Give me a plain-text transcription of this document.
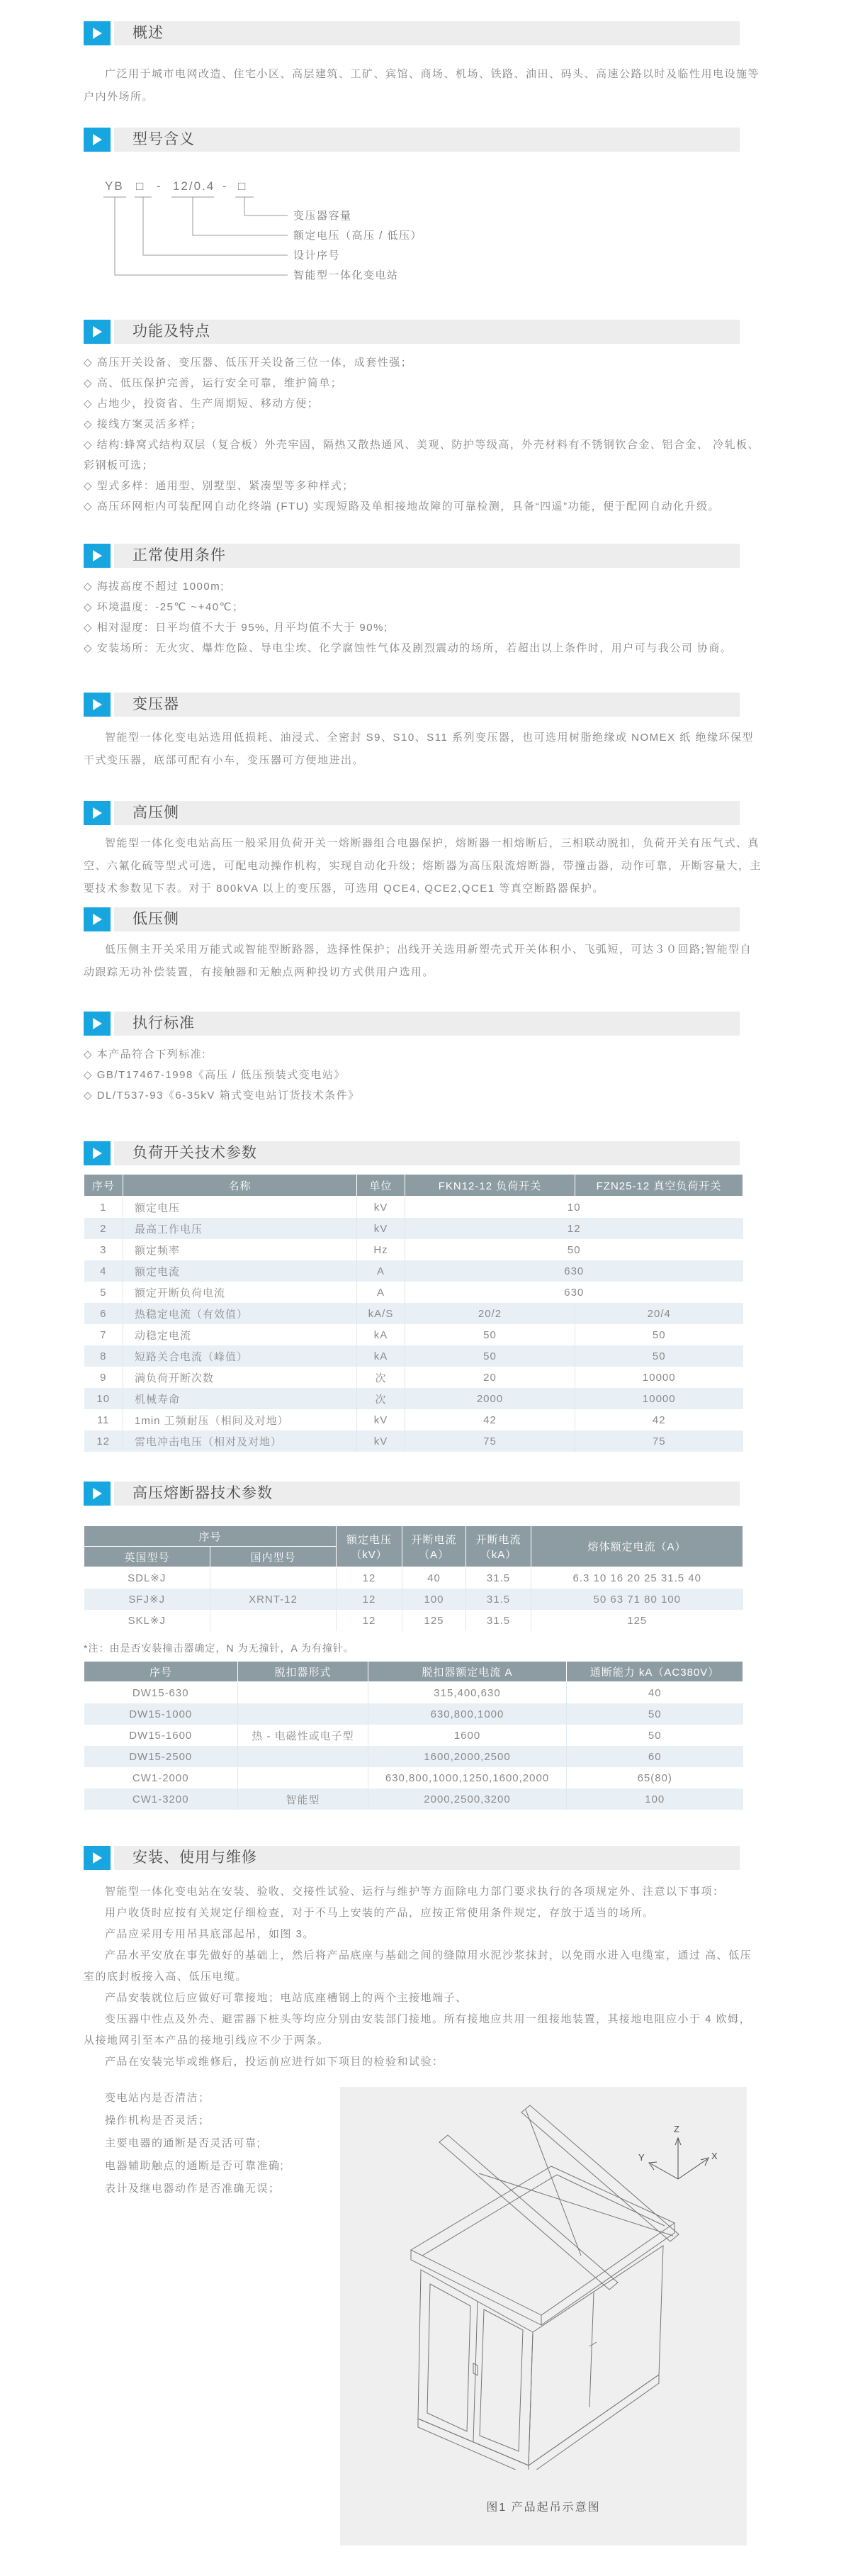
概述

广泛用于城市电网改造、住宅小区、高层建筑、工矿、宾馆、商场、机场、铁路、油田、码头、高速公路以时及临性用电设施等户内外场所。

型号含义
YB □ - 12/0.4 - □
变压器容量
额定电压（高压 / 低压）
设计序号
智能型一体化变电站
功能及特点
◇ 高压开关设备、变压器、低压开关设备三位一体，成套性强；
◇ 高、低压保护完善，运行安全可靠，维护简单；
◇ 占地少，投资省、生产周期短、移动方便；
◇ 接线方案灵活多样；
◇ 结构:蜂窝式结构双层（复合板）外壳牢固，隔热又散热通风、美观、防护等级高，外壳材料有不锈钢钦合金、铝合金、 冷轧板、彩钢板可选；
◇ 型式多样：通用型、别墅型、紧凑型等多种样式；
◇ 高压环网柜内可装配网自动化终端 (FTU) 实现短路及单相接地故障的可靠检测，具备“四遥”功能，便于配网自动化升级。
正常使用条件
◇ 海拔高度不超过 1000m;
◇ 环境温度：-25℃ ~+40℃；
◇ 相对湿度：日平均值不大于 95%, 月平均值不大于 90%;
◇ 安装场所：无火灾、爆炸危险、导电尘埃、化学腐蚀性气体及剧烈震动的场所，若超出以上条件时，用户可与我公司 协商。
变压器

智能型一体化变电站选用低损耗、油浸式、全密封 S9、S10、S11 系列变压器，也可选用树脂绝缘或 NOMEX 纸 绝缘环保型干式变压器，底部可配有小车，变压器可方便地进出。

高压侧

智能型一体化变电站高压一般采用负荷开关一熔断器组合电器保护，熔断器一相熔断后，三相联动脱扣，负荷开关有压气式、真空、六氟化硫等型式可选，可配电动操作机构，实现自动化升级；熔断器为高压限流熔断器，带撞击器，动作可靠，开断容量大，主要技术参数见下表。对于 800kVA 以上的变压器，可选用 QCE4, QCE2,QCE1 等真空断路器保护。

低压侧

低压侧主开关采用万能式或智能型断路器，选择性保护；出线开关选用新塑壳式开关体积小、飞弧短，可达３０回路;智能型自动跟踪无功补偿装置，有接触器和无触点两种投切方式供用户选用。

执行标准
◇ 本产品符合下列标准:
◇ GB/T17467-1998《高压 / 低压预装式变电站》
◇ DL/T537-93《6-35kV 箱式变电站订货技术条件》
负荷开关技术参数
序号	名称	单位	FKN12-12 负荷开关	FZN25-12 真空负荷开关
1	额定电压	kV	10	
2	最高工作电压	kV	12	
3	额定频率	Hz	50	
4	额定电流	A	630	
5	额定开断负荷电流	A	630	
6	热稳定电流（有效值）	kA/S	20/2	20/4
7	动稳定电流	kA	50	50
8	短路关合电流（峰值）	kA	50	50
9	满负荷开断次数	次	20	10000
10	机械寿命	次	2000	10000
11	1min 工频耐压（相间及对地）	kV	42	42
12	雷电冲击电压（相对及对地）	kV	75	75
高压熔断器技术参数
序号		额定电压（kV）	开断电流（A）	开断电流（kA）	熔体额定电流（A）
英国型号	国内型号				
SDL※J		12	40	31.5	6.3 10 16 20 25 31.5 40
SFJ※J	XRNT-12	12	100	31.5	50 63 71 80 100
SKL※J		12	125	31.5	125
*注：由是否安装撞击器确定，N 为无撞针，A 为有撞针。
序号	脱扣器形式	脱扣器额定电流 A	通断能力 kA（AC380V）
DW15-630		315,400,630	40
DW15-1000		630,800,1000	50
DW15-1600	热 - 电磁性或电子型	1600	50
DW15-2500		1600,2000,2500	60
CW1-2000		630,800,1000,1250,1600,2000	65(80)
CW1-3200	智能型	2000,2500,3200	100
安装、使用与维修
智能型一体化变电站在安装、验收、交接性试验、运行与维护等方面除电力部门要求执行的各项规定外、注意以下事项：
用户收货时应按有关规定仔细检查，对于不马上安装的产品，应按正常使用条件规定，存放于适当的场所。
产品应采用专用吊具底部起吊，如图 3。
产品水平安放在事先做好的基础上，然后将产品底座与基础之间的缝隙用水泥沙浆抹封，以免雨水进入电缆室，通过 高、低压室的底封板接入高、低压电缆。
产品安装就位后应做好可靠接地；电站底座槽钢上的两个主接地端子、
变压器中性点及外壳、避雷器下桩头等均应分别由安装部门接地。所有接地应共用一组接地装置，其接地电阻应小于 4 欧姆，从接地网引至本产品的接地引线应不少于两条。
产品在安装完毕或维修后，投运前应进行如下项目的检验和试验：
变电站内是否清洁；
操作机构是否灵活；
主要电器的通断是否灵活可靠;
电器辅助触点的通断是否可靠准确;
表计及继电器动作是否准确无误；
Z
X
Y
图1 产品起吊示意图
